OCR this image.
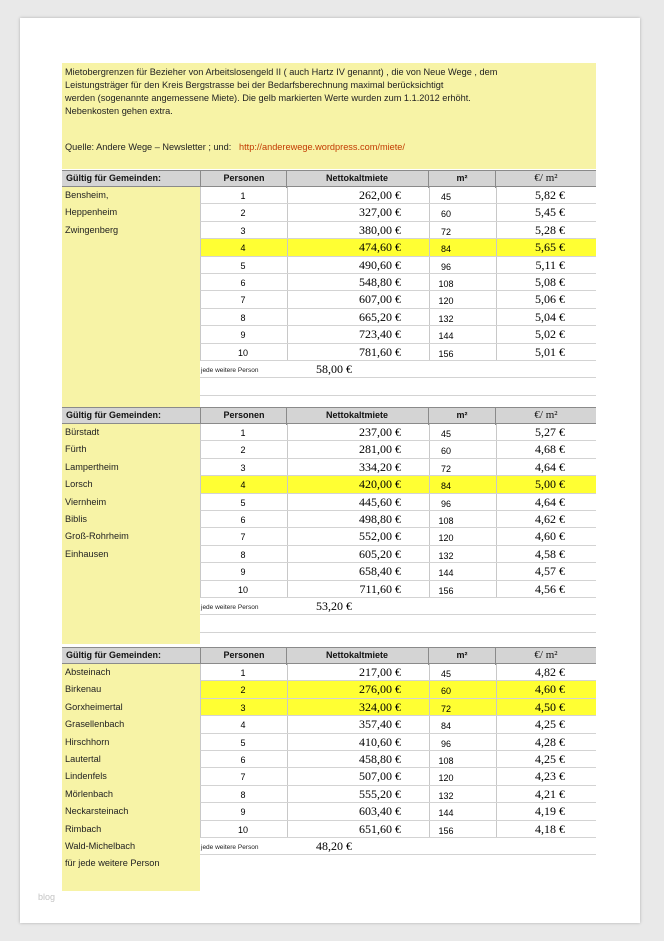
Mietobergrenzen für Bezieher von Arbeitslosengeld II ( auch Hartz IV genannt) , die von Neue Wege , dem
Leistungsträger für den Kreis Bergstrasse bei der Bedarfsberechnung maximal berücksichtigt
werden (sogenannte angemessene Miete). Die gelb markierten Werte wurden zum 1.1.2012 erhöht.
Nebenkosten gehen extra.
Quelle: Andere Wege – Newsletter ; und: http://anderewege.wordpress.com/miete/
Bensheim,
Heppenheim
Zwingenberg
Gültig für Gemeinden:	Personen	Nettokaltmiete	m²	€/ m²
1	262,00 €	45	5,82 €
2	327,00 €	60	5,45 €
3	380,00 €	72	5,28 €
4	474,60 €	84	5,65 €
5	490,60 €	96	5,11 €
6	548,80 €	108	5,08 €
7	607,00 €	120	5,06 €
8	665,20 €	132	5,04 €
9	723,40 €	144	5,02 €
10	781,60 €	156	5,01 €
jede weitere Person	58,00 €
Bürstadt
Fürth
Lampertheim
Lorsch
Viernheim
Biblis
Groß-Rohrheim
Einhausen
Gültig für Gemeinden:	Personen	Nettokaltmiete	m²	€/ m²
1	237,00 €	45	5,27 €
2	281,00 €	60	4,68 €
3	334,20 €	72	4,64 €
4	420,00 €	84	5,00 €
5	445,60 €	96	4,64 €
6	498,80 €	108	4,62 €
7	552,00 €	120	4,60 €
8	605,20 €	132	4,58 €
9	658,40 €	144	4,57 €
10	711,60 €	156	4,56 €
jede weitere Person	53,20 €
Absteinach
Birkenau
Gorxheimertal
Grasellenbach
Hirschhorn
Lautertal
Lindenfels
Mörlenbach
Neckarsteinach
Rimbach
Wald-Michelbach
für jede weitere Person
Gültig für Gemeinden:	Personen	Nettokaltmiete	m²	€/ m²
1	217,00 €	45	4,82 €
2	276,00 €	60	4,60 €
3	324,00 €	72	4,50 €
4	357,40 €	84	4,25 €
5	410,60 €	96	4,28 €
6	458,80 €	108	4,25 €
7	507,00 €	120	4,23 €
8	555,20 €	132	4,21 €
9	603,40 €	144	4,19 €
10	651,60 €	156	4,18 €
jede weitere Person	48,20 €
blog
